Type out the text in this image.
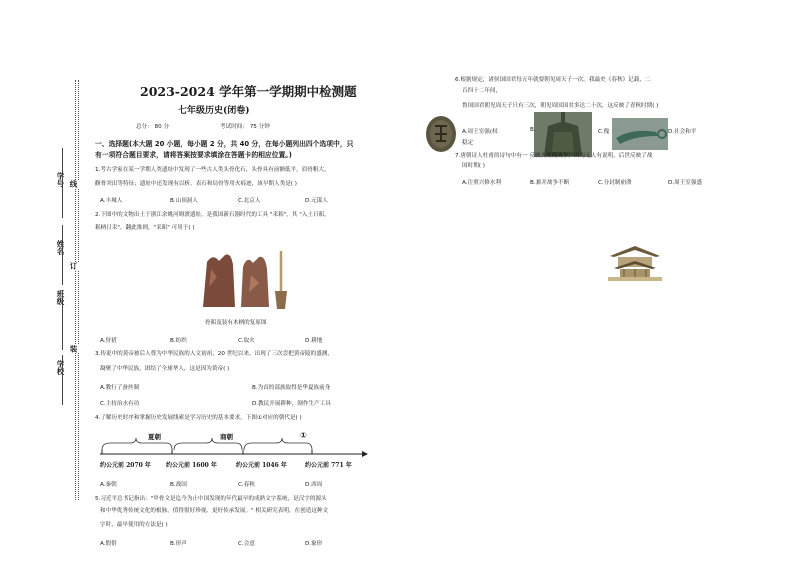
学号
姓名
班级
学校
线
订
装
2023-2024 学年第一学期期中检测题
七年级历史(闭卷)
总分： 80 分	考试时间： 75 分钟
一、选择题(本大题 20 小题，每小题 2 分，共 40 分，在每小题列出四个选项中，只
有一项符合题目要求，请将答案按要求填涂在答题卡的相应位置。)
1.考古学家在某一学期人类遗址中发现了一些古人类头骨化石，头骨具有前额低平，眉骨粗大，
颧骨突出等特征；遗址中还发现有以析，表石和局骨等用火痕迹，该早期人类是( )
A.丰城人	B.山顶洞人	C.北京人	D.元谋人
2.下图中的文物出土于浙江余姚河姆渡遗址，是我国新石器时代的工具 "耒耜"，其 "入土日耜，
耜柄日耒"，翻此推则，"耒耜" 可用于( )
骨耜及装有木柄的复原图
A.狩猎	B.纺织	C.取火	D.耕地
3.传说中的黄帝被后人尊为中华民族的人文初祖，20 世纪以来，出现了三次尝把黄帝陵的盛测，
凝聚了中华民族，团结了全球华人，这是因为黄帝( )
A.教行了蚕丝制	B.为首的部族取得是华夏族前身
C.主持治水有功	D.教民开展耕种，制作生产工具
4.了解历史时序和掌握历史发展线索是学习历史的基本要求。下图①对应的朝代是( )
夏朝	商朝	①
约公元前 2070 年	约公元前 1600 年	约公元前 1046 年	约公元前 771 年
A.秦朝	B.战国	C.春秋	D.西周
5.习近平总书记指出："甲骨文是迄今为止中国发现的年代最早的成熟文字系统，是汉字的源头
和中华优秀传统文化的根脉，值得很好珍视、更好传承发展。" 相关研究表明，在创造这种文
字时，最早使用的方法是( )
A.假借	B.形声	C.会意	D.象形
6.根据规定，诸侯国国君每五年就要朝见周天子一次。我最史《春秋》记载，二
百四十二年间，
鲁国国君朝见周天子只有三次，朝见周国国君多达二十次，这反映了青秋时期( )
A.周王室强(权
稳定
B.	C.傀	D.社会和平
7.唐朝诗人杜甫的诗句中有一 反映大规模战争，因为无人有说明，后世反映了战
国时期( )
A.注重兴修水利	B.兼并战争不断	C.分封制崩溃	D.周王室强盛
